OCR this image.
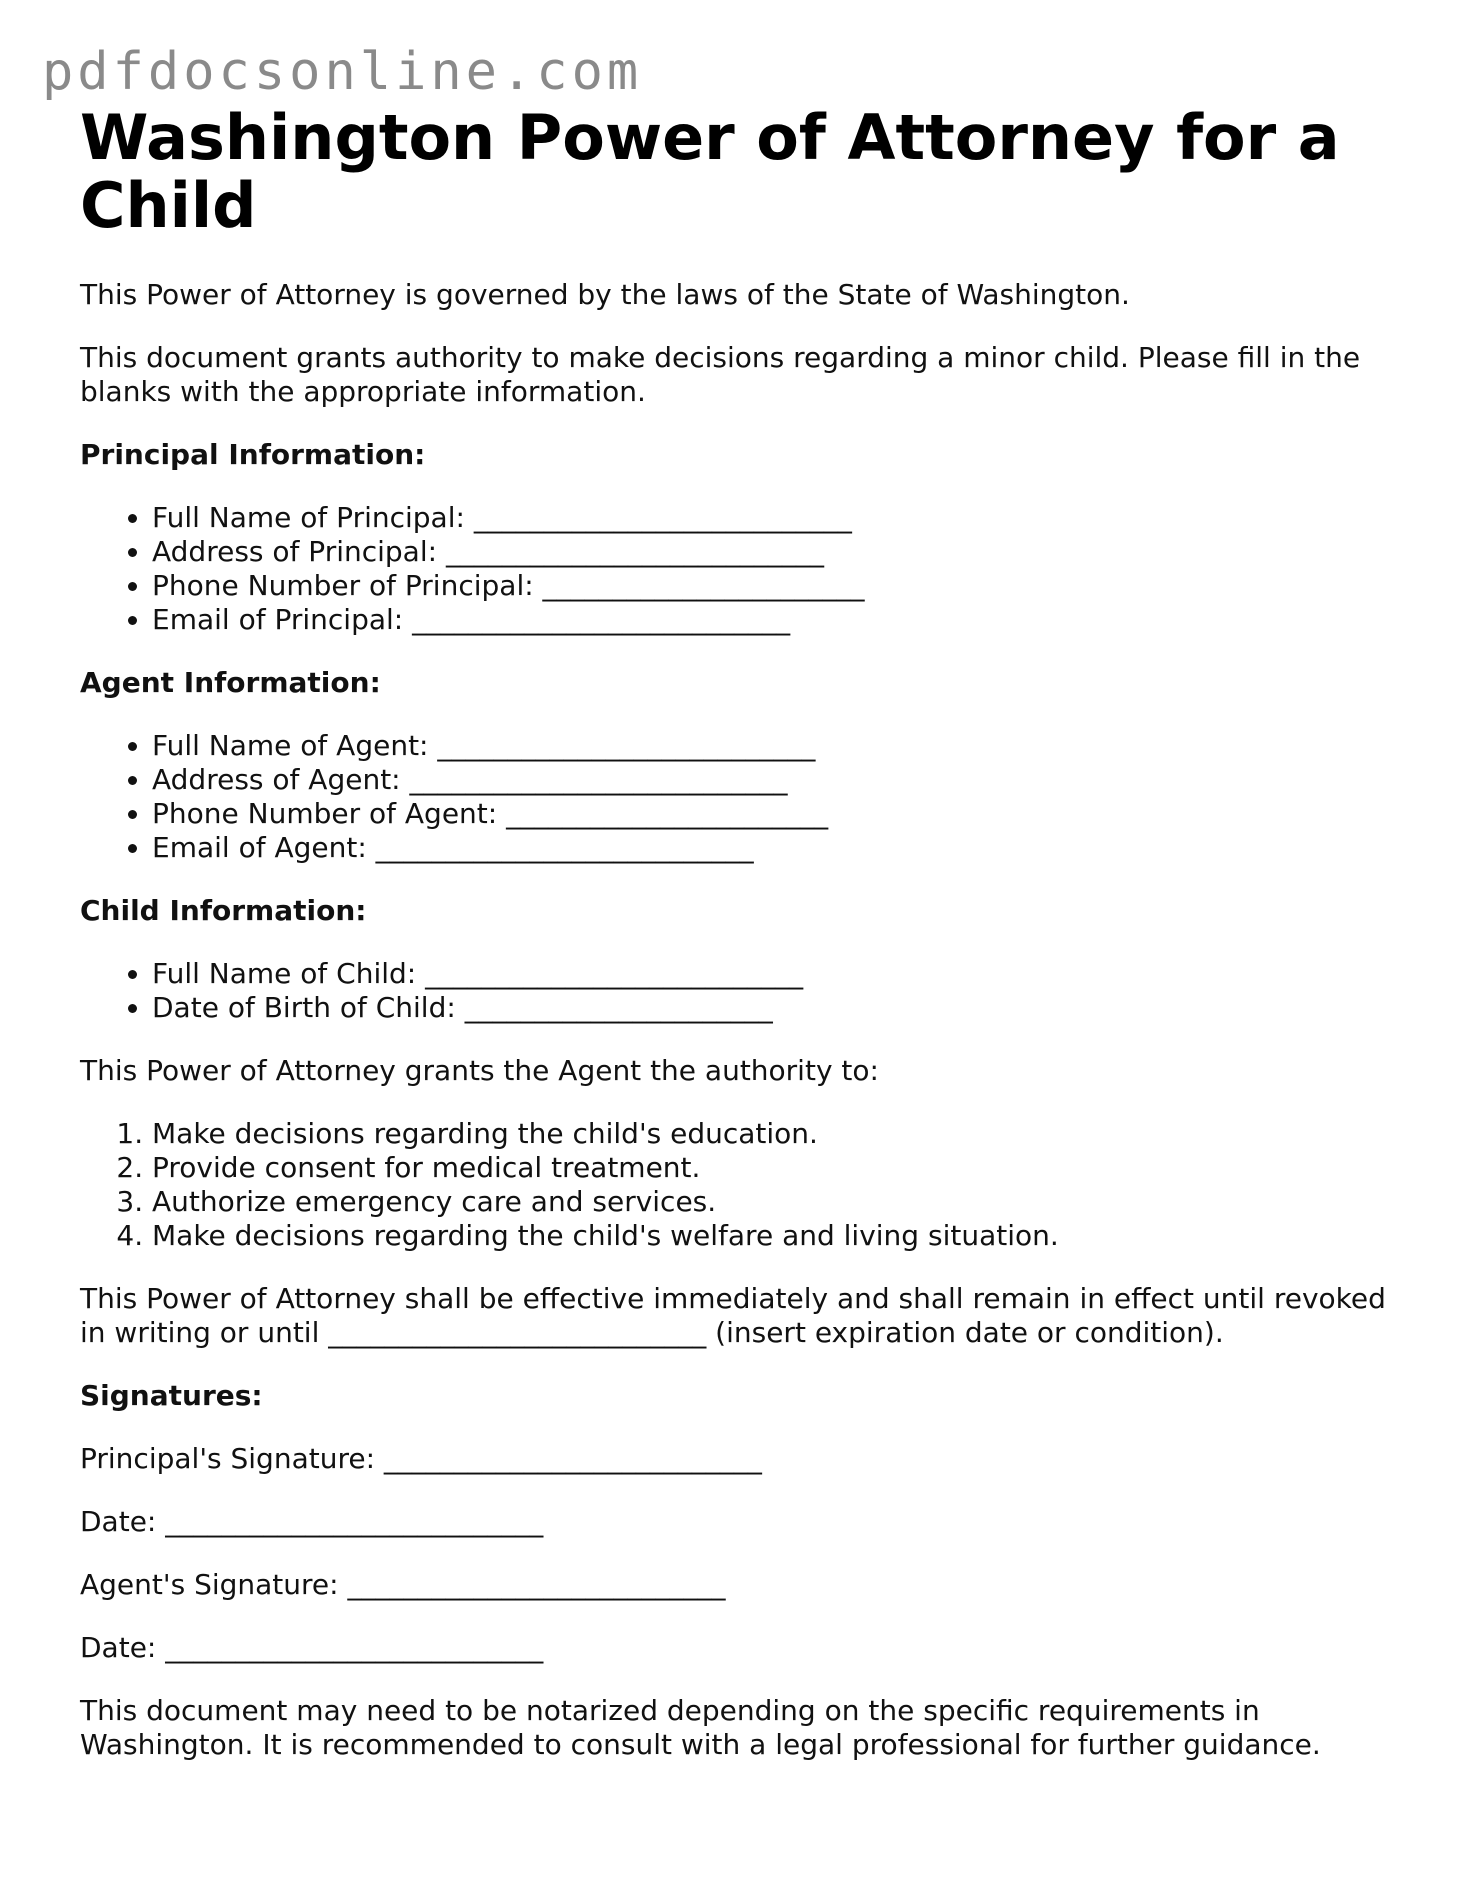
pdfdocsonline.com
Washington Power of Attorney for a Child

This Power of Attorney is governed by the laws of the State of Washington.

This document grants authority to make decisions regarding a minor child. Please fill in the blanks with the appropriate information.

Principal Information:
• Full Name of Principal: ___________________________
• Address of Principal: ___________________________
• Phone Number of Principal: _______________________
• Email of Principal: ___________________________
Agent Information:
• Full Name of Agent: ___________________________
• Address of Agent: ___________________________
• Phone Number of Agent: _______________________
• Email of Agent: ___________________________
Child Information:
• Full Name of Child: ___________________________
• Date of Birth of Child: ______________________

This Power of Attorney grants the Agent the authority to:

1. Make decisions regarding the child's education.
2. Provide consent for medical treatment.
3. Authorize emergency care and services.
4. Make decisions regarding the child's welfare and living situation.

This Power of Attorney shall be effective immediately and shall remain in effect until revoked in writing or until ___________________________ (insert expiration date or condition).

Signatures:
Principal's Signature: ___________________________
Date: ___________________________
Agent's Signature: ___________________________
Date: ___________________________

This document may need to be notarized depending on the specific requirements in Washington. It is recommended to consult with a legal professional for further guidance.
